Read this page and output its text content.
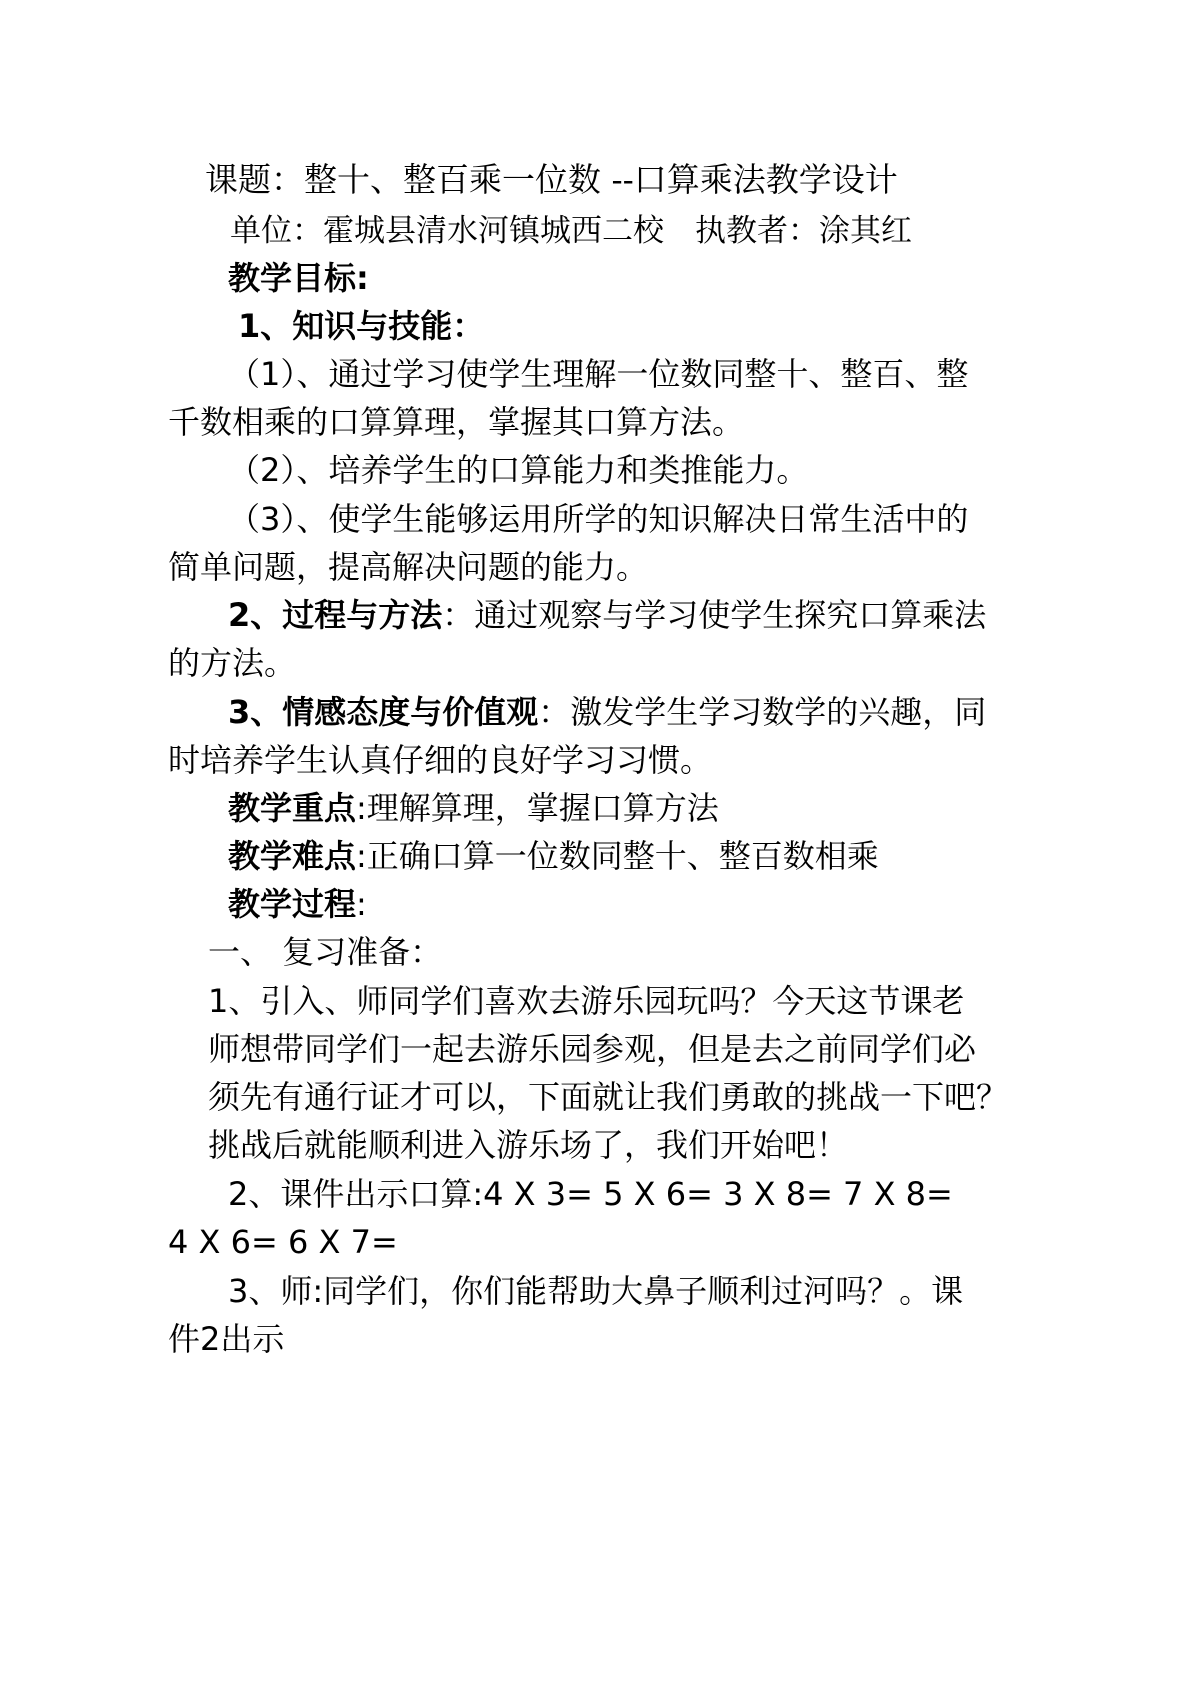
课题：整十、整百乘一位数 --口算乘法教学设计

单位：霍城县清水河镇城西二校　执教者：涂其红

教学目标:

1、知识与技能：

（1）、通过学习使学生理解一位数同整十、整百、整

千数相乘的口算算理，掌握其口算方法。

（2）、培养学生的口算能力和类推能力。

（3）、使学生能够运用所学的知识解决日常生活中的

简单问题，提高解决问题的能力。

2、过程与方法：通过观察与学习使学生探究口算乘法

的方法。

3、情感态度与价值观：激发学生学习数学的兴趣，同

时培养学生认真仔细的良好学习习惯。

教学重点:理解算理，掌握口算方法

教学难点:正确口算一位数同整十、整百数相乘

教学过程:

一、 复习准备：

1、引入、师同学们喜欢去游乐园玩吗？今天这节课老

师想带同学们一起去游乐园参观，但是去之前同学们必

须先有通行证才可以，下面就让我们勇敢的挑战一下吧？

挑战后就能顺利进入游乐场了，我们开始吧！

2、课件出示口算:4 X 3= 5 X 6= 3 X 8= 7 X 8=

4 X 6= 6 X 7=

3、师:同学们，你们能帮助大鼻子顺利过河吗？。课

件2出示
